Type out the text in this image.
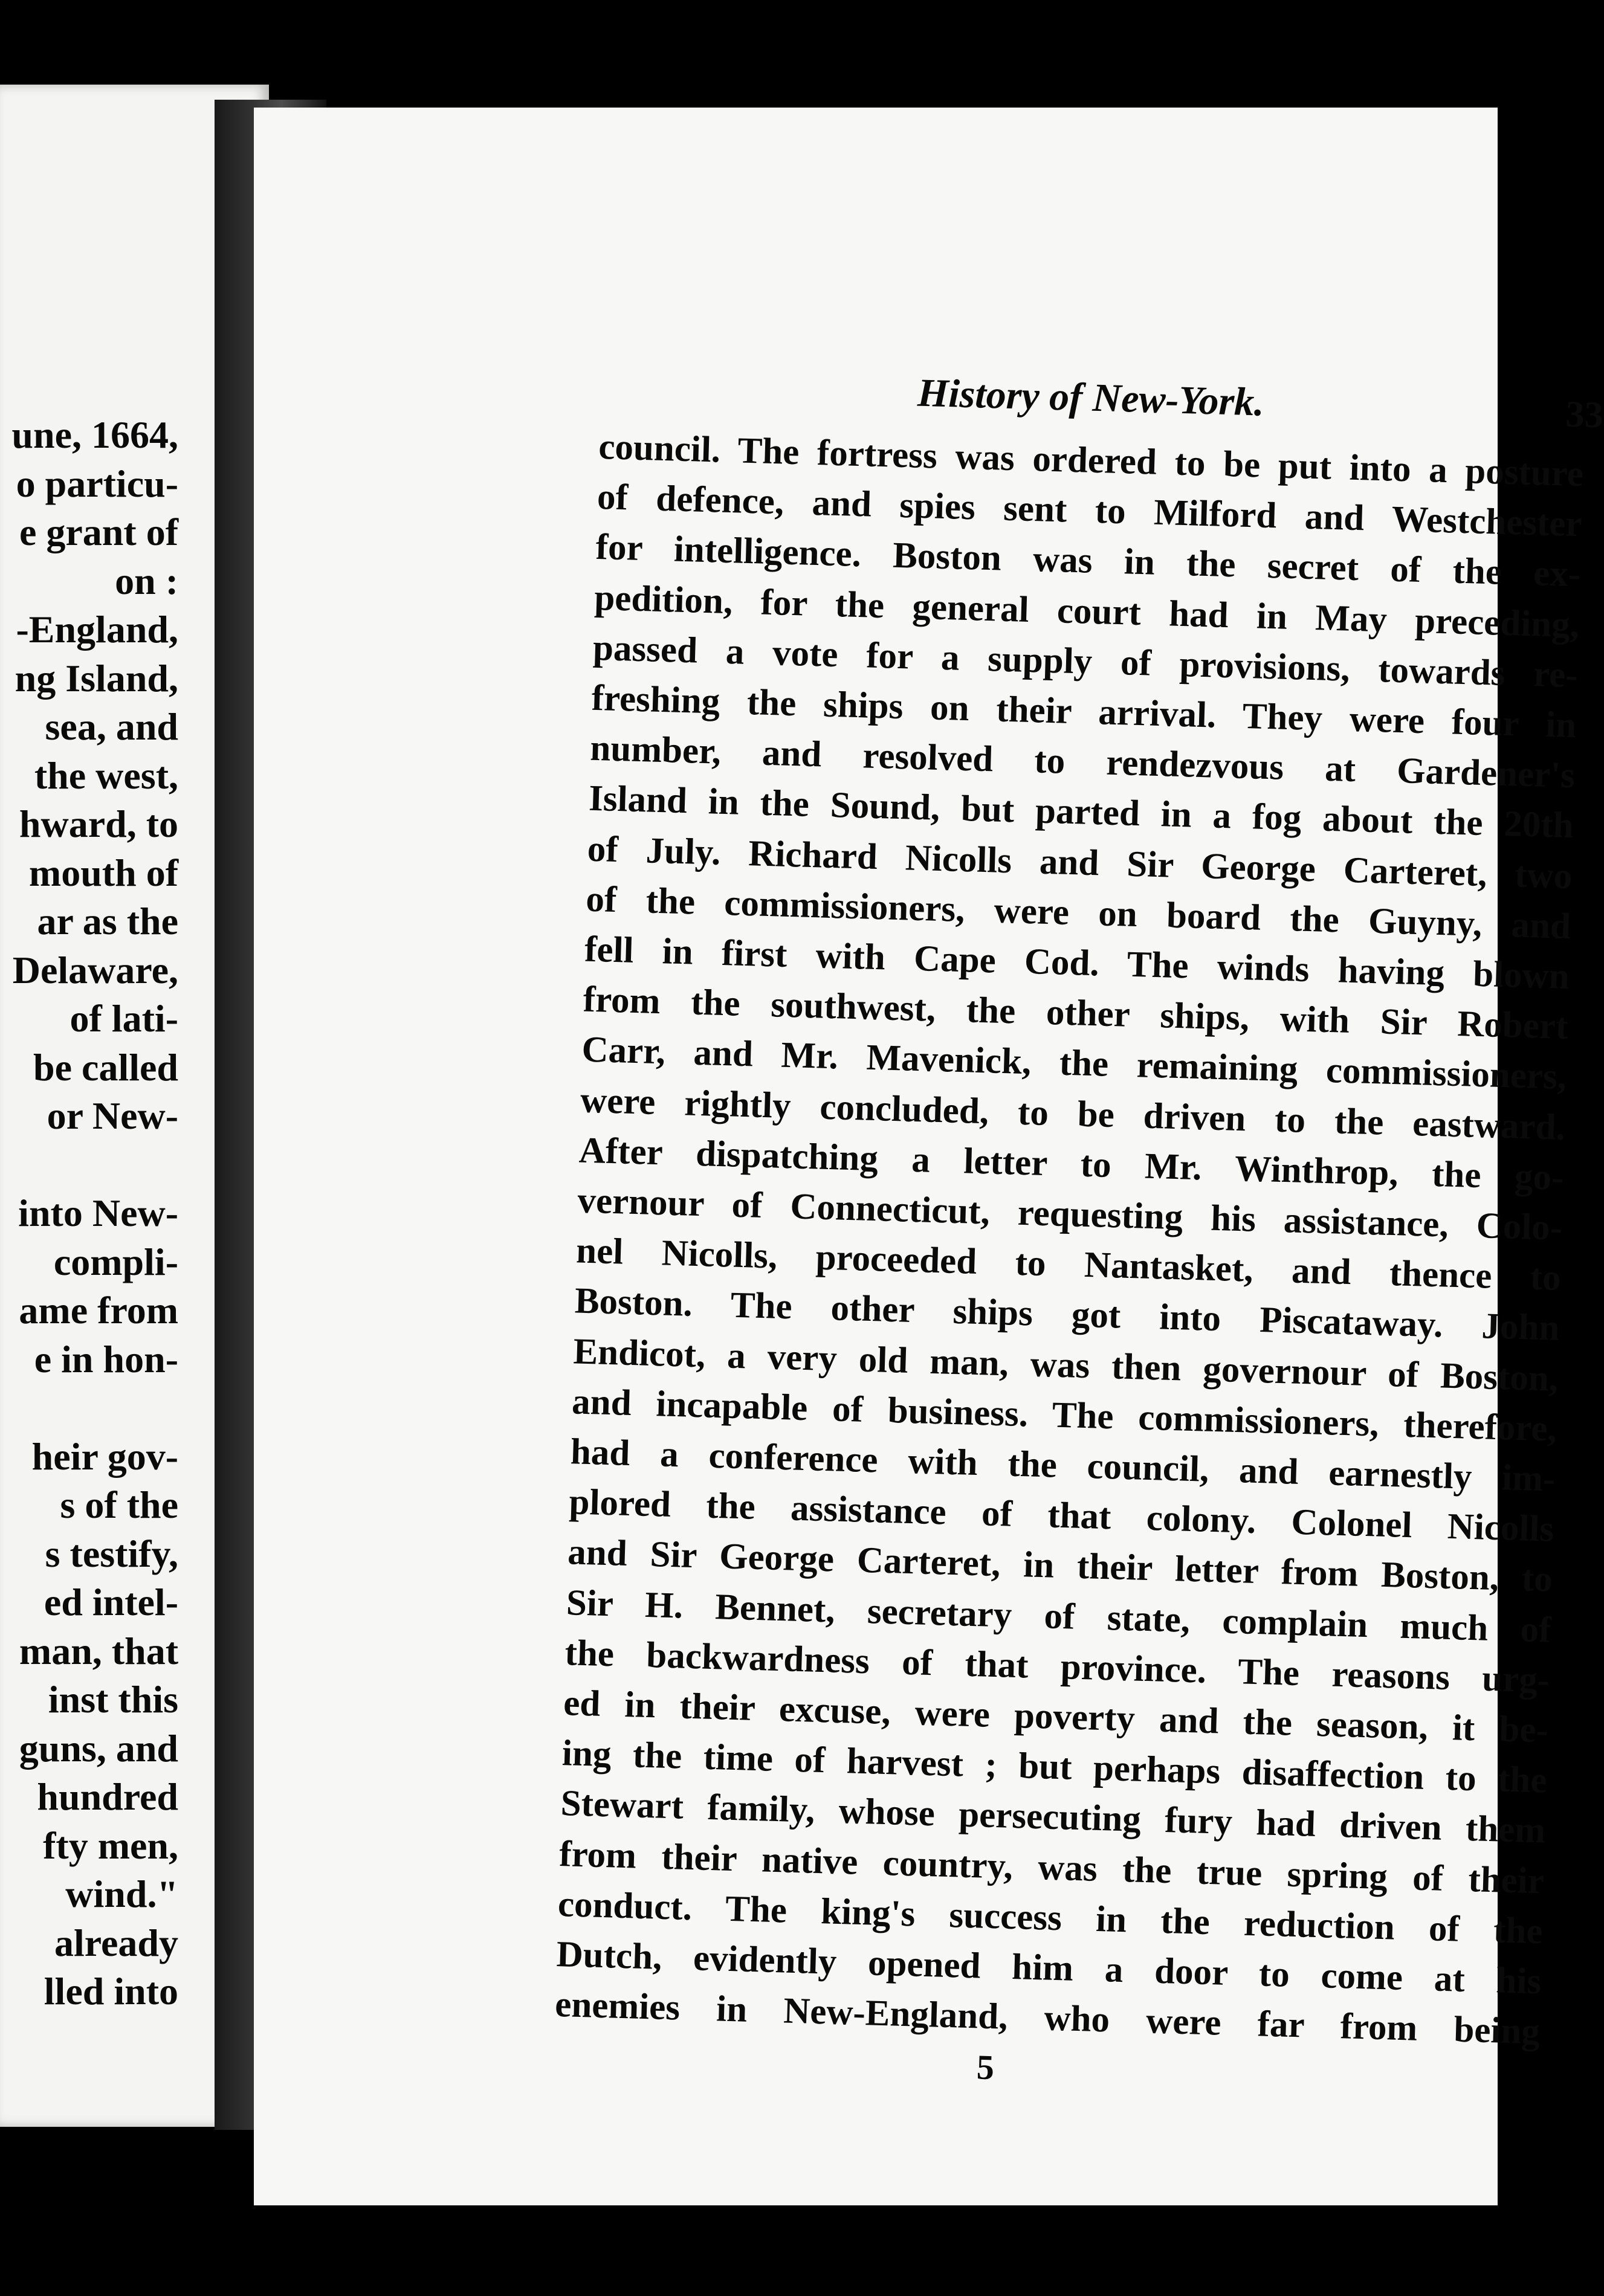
une, 1664,
o particu-
e grant of
on :
-England,
ng Island,
sea, and
the west,
hward, to
mouth of
ar as the
Delaware,
of lati-
be called
or New-
into New-
compli-
ame from
e in hon-
heir gov-
s of the
s testify,
ed intel-
man, that
inst this
guns, and
hundred
fty men,
wind."
already
lled into
History of New-York.	33
council. The fortress was ordered to be put into a posture
of defence, and spies sent to Milford and Westchester
for intelligence. Boston was in the secret of the ex-
pedition, for the general court had in May preceding,
passed a vote for a supply of provisions, towards re-
freshing the ships on their arrival. They were four in
number, and resolved to rendezvous at Gardener's
Island in the Sound, but parted in a fog about the 20th
of July. Richard Nicolls and Sir George Carteret, two
of the commissioners, were on board the Guyny, and
fell in first with Cape Cod. The winds having blown
from the southwest, the other ships, with Sir Robert
Carr, and Mr. Mavenick, the remaining commissioners,
were rightly concluded, to be driven to the eastward.
After dispatching a letter to Mr. Winthrop, the go-
vernour of Connecticut, requesting his assistance, Colo-
nel Nicolls, proceeded to Nantasket, and thence to
Boston. The other ships got into Piscataway. John
Endicot, a very old man, was then governour of Boston,
and incapable of business. The commissioners, therefore,
had a conference with the council, and earnestly im-
plored the assistance of that colony. Colonel Nicolls
and Sir George Carteret, in their letter from Boston, to
Sir H. Bennet, secretary of state, complain much of
the backwardness of that province. The reasons urg-
ed in their excuse, were poverty and the season, it be-
ing the time of harvest ; but perhaps disaffection to the
Stewart family, whose persecuting fury had driven them
from their native country, was the true spring of their
conduct. The king's success in the reduction of the
Dutch, evidently opened him a door to come at his
enemies in New-England, who were far from being
5
